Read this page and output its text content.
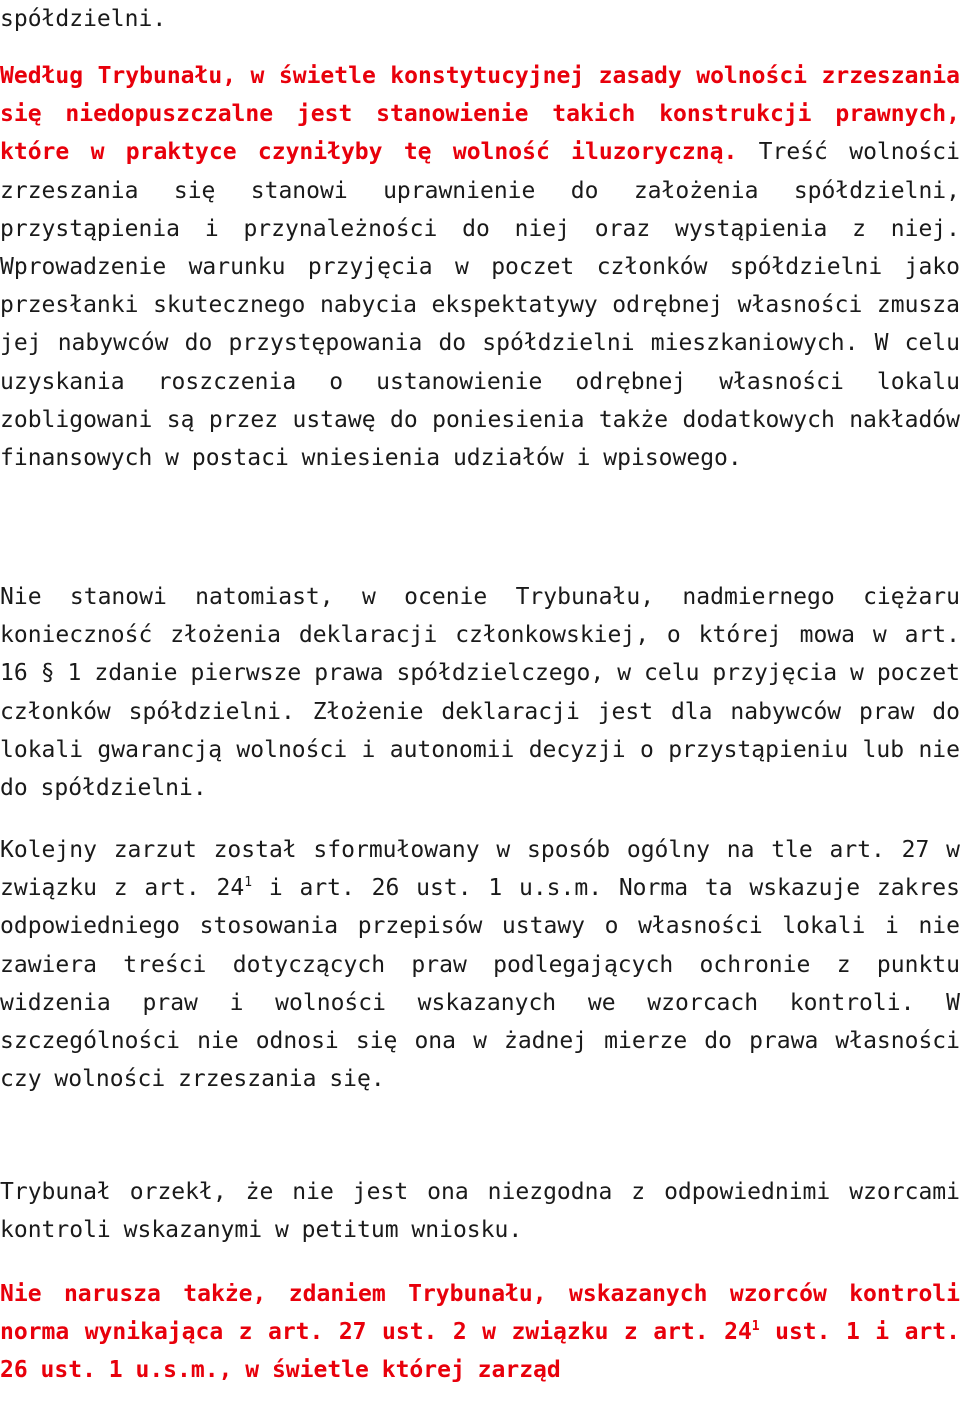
spółdzielni.

Według Trybunału, w świetle konstytucyjnej zasady wolności zrzeszania się niedopuszczalne jest stanowienie takich konstrukcji prawnych, które w praktyce czyniłyby tę wolność iluzoryczną. Treść wolności zrzeszania się stanowi uprawnienie do założenia spółdzielni, przystąpienia i przynależności do niej oraz wystąpienia z niej. Wprowadzenie warunku przyjęcia w poczet członków spółdzielni jako przesłanki skutecznego nabycia ekspektatywy odrębnej własności zmusza jej nabywców do przystępowania do spółdzielni mieszkaniowych. W celu uzyskania roszczenia o ustanowienie odrębnej własności lokalu zobligowani są przez ustawę do poniesienia także dodatkowych nakładów finansowych w postaci wniesienia udziałów i wpisowego.

Nie stanowi natomiast, w ocenie Trybunału, nadmiernego ciężaru konieczność złożenia deklaracji członkowskiej, o której mowa w art. 16 § 1 zdanie pierwsze prawa spółdzielczego, w celu przyjęcia w poczet członków spółdzielni. Złożenie deklaracji jest dla nabywców praw do lokali gwarancją wolności i autonomii decyzji o przystąpieniu lub nie do spółdzielni.

Kolejny zarzut został sformułowany w sposób ogólny na tle art. 27 w związku z art. $24^1$ i art. 26 ust. 1 u.s.m. Norma ta wskazuje zakres odpowiedniego stosowania przepisów ustawy o własności lokali i nie zawiera treści dotyczących praw podlegających ochronie z punktu widzenia praw i wolności wskazanych we wzorcach kontroli. W szczególności nie odnosi się ona w żadnej mierze do prawa własności czy wolności zrzeszania się.

Trybunał orzekł, że nie jest ona niezgodna z odpowiednimi wzorcami kontroli wskazanymi w petitum wniosku.

Nie narusza także, zdaniem Trybunału, wskazanych wzorców kontroli norma wynikająca z art. 27 ust. 2 w związku z art. $24^1$ ust. 1 i art. 26 ust. 1 u.s.m., w świetle której zarząd
